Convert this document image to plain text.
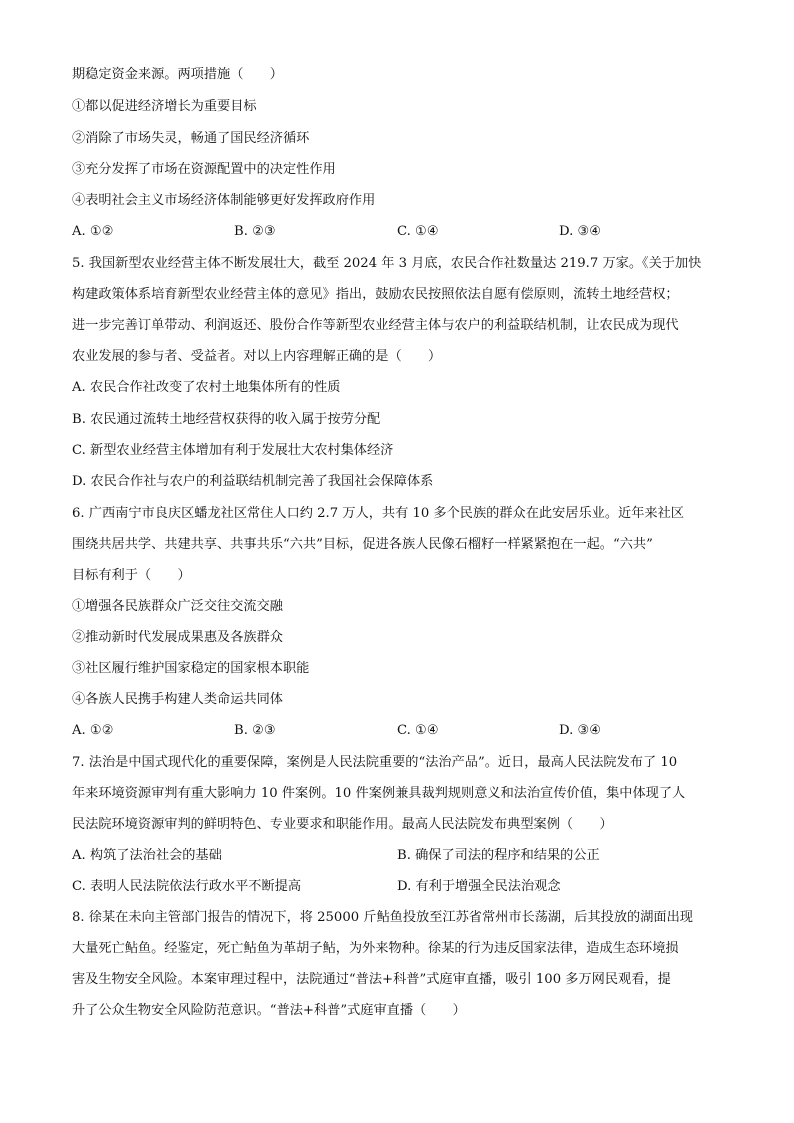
期稳定资金来源。两项措施（　　）
①都以促进经济增长为重要目标
②消除了市场失灵，畅通了国民经济循环
③充分发挥了市场在资源配置中的决定性作用
④表明社会主义市场经济体制能够更好发挥政府作用
A. ①②	B. ②③	C. ①④	D. ③④
5. 我国新型农业经营主体不断发展壮大，截至 2024 年 3 月底，农民合作社数量达 219.7 万家。《关于加快
构建政策体系培育新型农业经营主体的意见》指出，鼓励农民按照依法自愿有偿原则，流转土地经营权；
进一步完善订单带动、利润返还、股份合作等新型农业经营主体与农户的利益联结机制，让农民成为现代
农业发展的参与者、受益者。对以上内容理解正确的是（　　）
A. 农民合作社改变了农村土地集体所有的性质
B. 农民通过流转土地经营权获得的收入属于按劳分配
C. 新型农业经营主体增加有利于发展壮大农村集体经济
D. 农民合作社与农户的利益联结机制完善了我国社会保障体系
6. 广西南宁市良庆区蟠龙社区常住人口约 2.7 万人，共有 10 多个民族的群众在此安居乐业。近年来社区
围绕共居共学、共建共享、共事共乐“六共”目标，促进各族人民像石榴籽一样紧紧抱在一起。“六共”
目标有利于（　　）
①增强各民族群众广泛交往交流交融
②推动新时代发展成果惠及各族群众
③社区履行维护国家稳定的国家根本职能
④各族人民携手构建人类命运共同体
A. ①②	B. ②③	C. ①④	D. ③④
7. 法治是中国式现代化的重要保障，案例是人民法院重要的“法治产品”。近日，最高人民法院发布了 10
年来环境资源审判有重大影响力 10 件案例。10 件案例兼具裁判规则意义和法治宣传价值，集中体现了人
民法院环境资源审判的鲜明特色、专业要求和职能作用。最高人民法院发布典型案例（　　）
A. 构筑了法治社会的基础	B. 确保了司法的程序和结果的公正
C. 表明人民法院依法行政水平不断提高	D. 有利于增强全民法治观念
8. 徐某在未向主管部门报告的情况下，将 25000 斤鲇鱼投放至江苏省常州市长荡湖，后其投放的湖面出现
大量死亡鲇鱼。经鉴定，死亡鲇鱼为革胡子鲇，为外来物种。徐某的行为违反国家法律，造成生态环境损
害及生物安全风险。本案审理过程中，法院通过“普法+科普”式庭审直播，吸引 100 多万网民观看，提
升了公众生物安全风险防范意识。“普法+科普”式庭审直播（　　）
